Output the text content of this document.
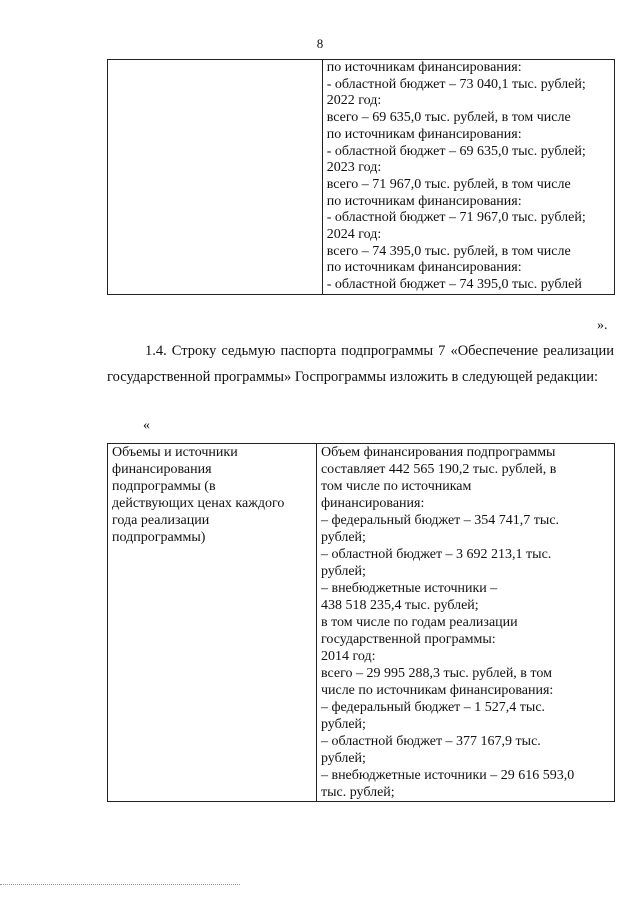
8

по источникам финансирования:
- областной бюджет – 73 040,1 тыс. рублей;
2022 год:
всего – 69 635,0 тыс. рублей, в том числе
по источникам финансирования:
- областной бюджет – 69 635,0 тыс. рублей;
2023 год:
всего – 71 967,0 тыс. рублей, в том числе
по источникам финансирования:
- областной бюджет – 71 967,0 тыс. рублей;
2024 год:
всего – 74 395,0 тыс. рублей, в том числе
по источникам финансирования:
- областной бюджет – 74 395,0 тыс. рублей
».
1.4. Строку седьмую паспорта подпрограммы 7 «Обеспечение реализации государственной программы» Госпрограммы изложить в следующей редакции:
«
Объемы и источники
финансирования
подпрограммы (в
действующих ценах каждого
года реализации
подпрограммы)

Объем финансирования подпрограммы
составляет 442 565 190,2 тыс. рублей, в
том числе по источникам
финансирования:
– федеральный бюджет – 354 741,7 тыс.
рублей;
– областной бюджет – 3 692 213,1 тыс.
рублей;
– внебюджетные источники –
438 518 235,4 тыс. рублей;
в том числе по годам реализации
государственной программы:
2014 год:
всего – 29 995 288,3 тыс. рублей, в том
числе по источникам финансирования:
– федеральный бюджет – 1 527,4 тыс.
рублей;
– областной бюджет – 377 167,9 тыс.
рублей;
– внебюджетные источники – 29 616 593,0
тыс. рублей;
